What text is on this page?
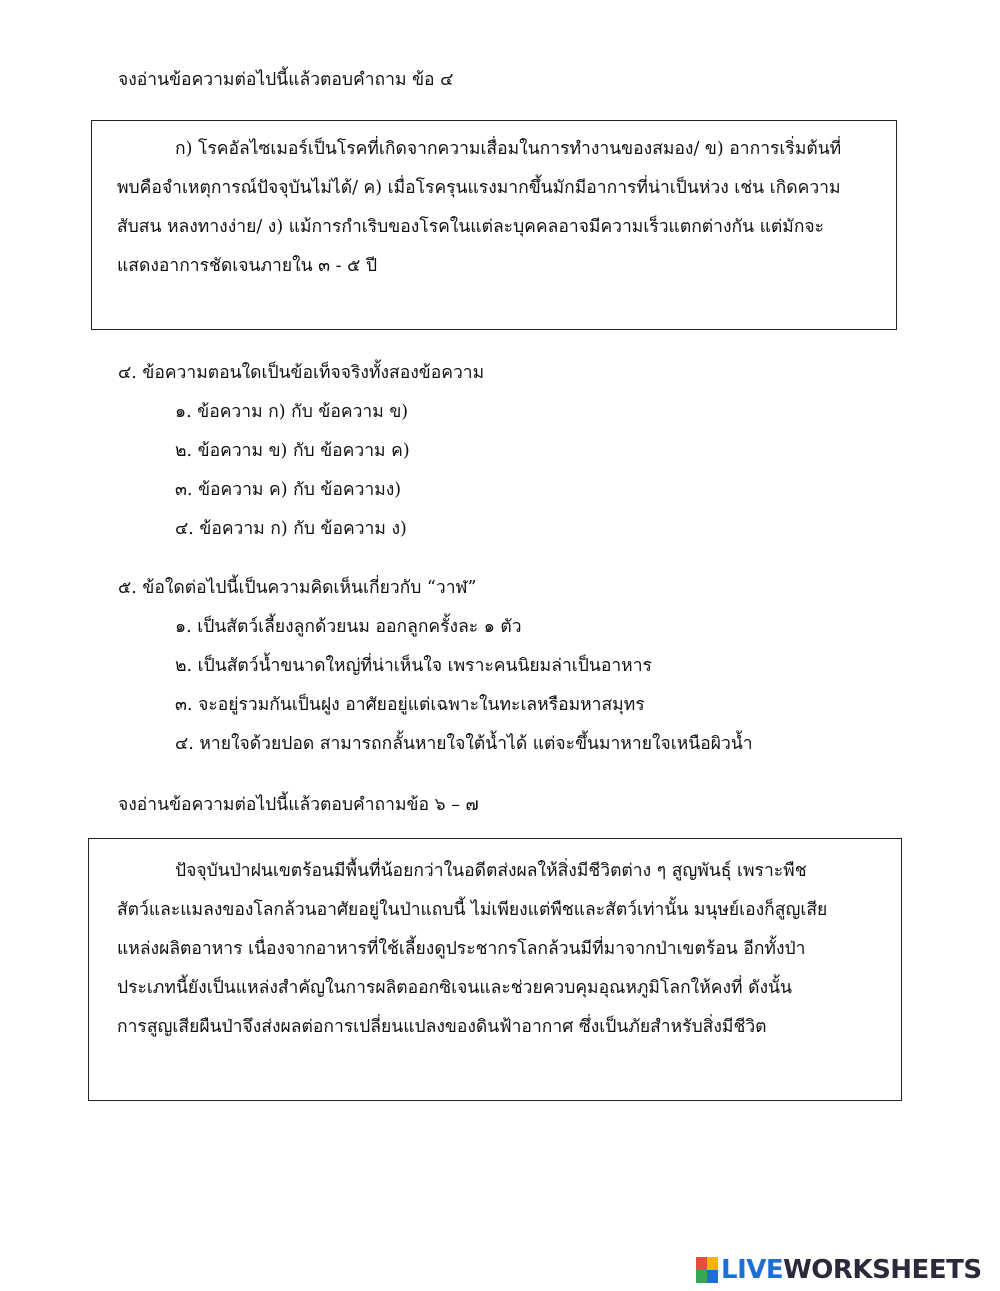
จงอ่านข้อความต่อไปนี้แล้วตอบคำถาม ข้อ ๔
ก) โรคอัลไซเมอร์เป็นโรคที่เกิดจากความเสื่อมในการทำงานของสมอง/ ข) อาการเริ่มต้นที่
พบคือจำเหตุการณ์ปัจจุบันไม่ได้/ ค) เมื่อโรครุนแรงมากขึ้นมักมีอาการที่น่าเป็นห่วง เช่น เกิดความ
สับสน หลงทางง่าย/ ง) แม้การกำเริบของโรคในแต่ละบุคคลอาจมีความเร็วแตกต่างกัน แต่มักจะ
แสดงอาการชัดเจนภายใน ๓ - ๕ ปี
๔. ข้อความตอนใดเป็นข้อเท็จจริงทั้งสองข้อความ
๑. ข้อความ ก) กับ ข้อความ ข)
๒. ข้อความ ข) กับ ข้อความ ค)
๓. ข้อความ ค) กับ ข้อความง)
๔. ข้อความ ก) กับ ข้อความ ง)
๕. ข้อใดต่อไปนี้เป็นความคิดเห็นเกี่ยวกับ “วาฬ”
๑. เป็นสัตว์เลี้ยงลูกด้วยนม ออกลูกครั้งละ ๑ ตัว
๒. เป็นสัตว์น้ำขนาดใหญ่ที่น่าเห็นใจ เพราะคนนิยมล่าเป็นอาหาร
๓. จะอยู่รวมกันเป็นฝูง อาศัยอยู่แต่เฉพาะในทะเลหรือมหาสมุทร
๔. หายใจด้วยปอด สามารถกลั้นหายใจใต้น้ำได้ แต่จะขึ้นมาหายใจเหนือผิวน้ำ
จงอ่านข้อความต่อไปนี้แล้วตอบคำถามข้อ ๖ – ๗
ปัจจุบันป่าฝนเขตร้อนมีพื้นที่น้อยกว่าในอดีตส่งผลให้สิ่งมีชีวิตต่าง ๆ สูญพันธุ์ เพราะพืช
สัตว์และแมลงของโลกล้วนอาศัยอยู่ในป่าแถบนี้ ไม่เพียงแต่พืชและสัตว์เท่านั้น มนุษย์เองก็สูญเสีย
แหล่งผลิตอาหาร เนื่องจากอาหารที่ใช้เลี้ยงดูประชากรโลกล้วนมีที่มาจากป่าเขตร้อน อีกทั้งป่า
ประเภทนี้ยังเป็นแหล่งสำคัญในการผลิตออกซิเจนและช่วยควบคุมอุณหภูมิโลกให้คงที่ ดังนั้น
การสูญเสียผืนป่าจึงส่งผลต่อการเปลี่ยนแปลงของดินฟ้าอากาศ ซึ่งเป็นภัยสำหรับสิ่งมีชีวิต
LIVEWORKSHEETS
